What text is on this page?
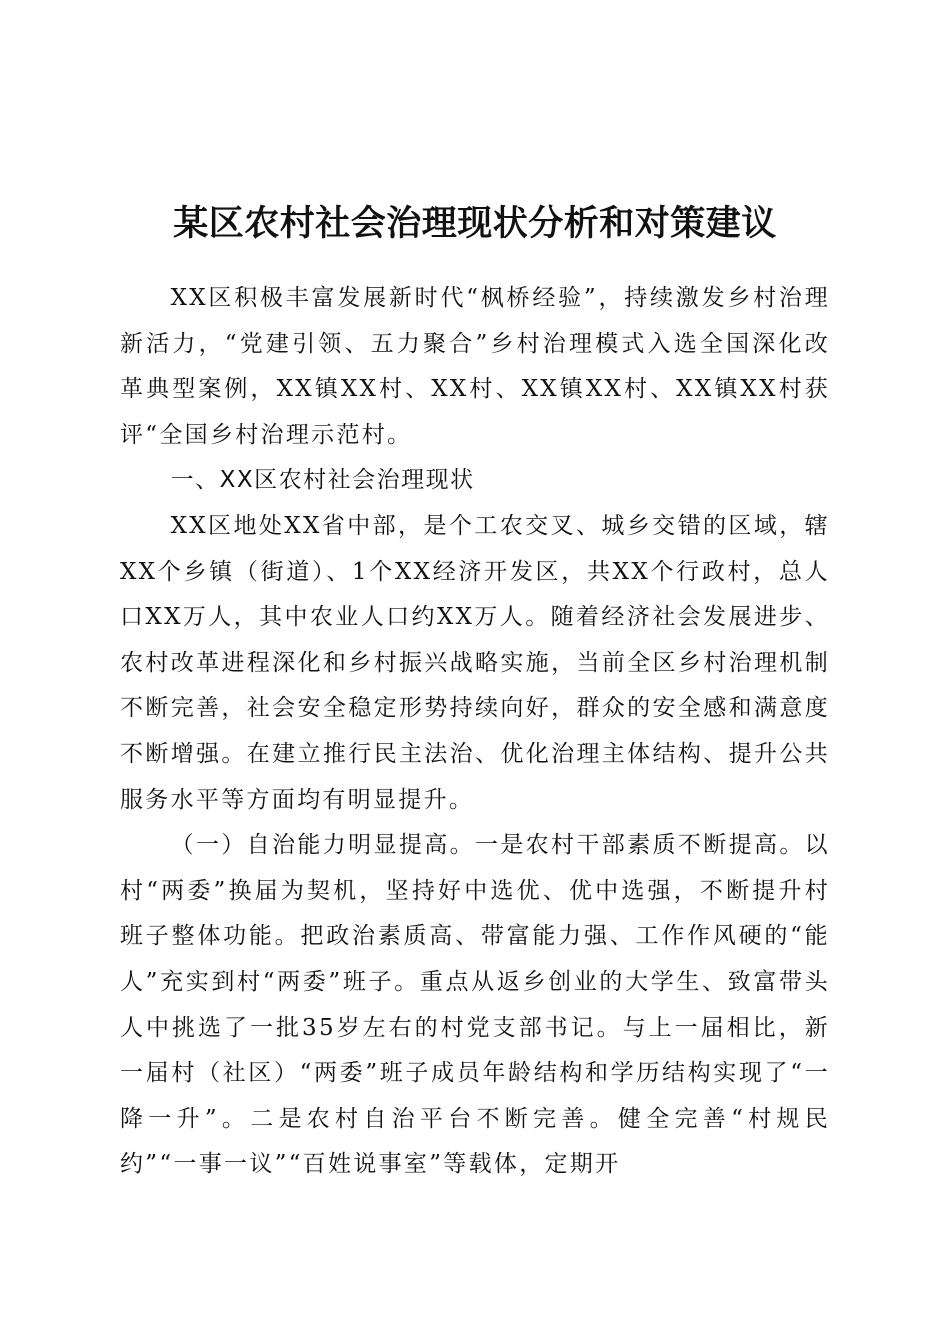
某区农村社会治理现状分析和对策建议

XX区积极丰富发展新时代“枫桥经验”，持续激发乡村治理新活力，“党建引领、五力聚合”乡村治理模式入选全国深化改革典型案例，XX镇XX村、XX村、XX镇XX村、XX镇XX村获评“全国乡村治理示范村。

一、XX区农村社会治理现状

XX区地处XX省中部，是个工农交叉、城乡交错的区域，辖XX个乡镇（街道）、1个XX经济开发区，共XX个行政村，总人口XX万人，其中农业人口约XX万人。随着经济社会发展进步、农村改革进程深化和乡村振兴战略实施，当前全区乡村治理机制不断完善，社会安全稳定形势持续向好，群众的安全感和满意度不断增强。在建立推行民主法治、优化治理主体结构、提升公共服务水平等方面均有明显提升。

（一）自治能力明显提高。一是农村干部素质不断提高。以村“两委”换届为契机，坚持好中选优、优中选强，不断提升村班子整体功能。把政治素质高、带富能力强、工作作风硬的“能人”充实到村“两委”班子。重点从返乡创业的大学生、致富带头人中挑选了一批35岁左右的村党支部书记。与上一届相比，新一届村（社区）“两委”班子成员年龄结构和学历结构实现了“一降一升”。二是农村自治平台不断完善。健全完善“村规民约”“一事一议”“百姓说事室”等载体，定期开
